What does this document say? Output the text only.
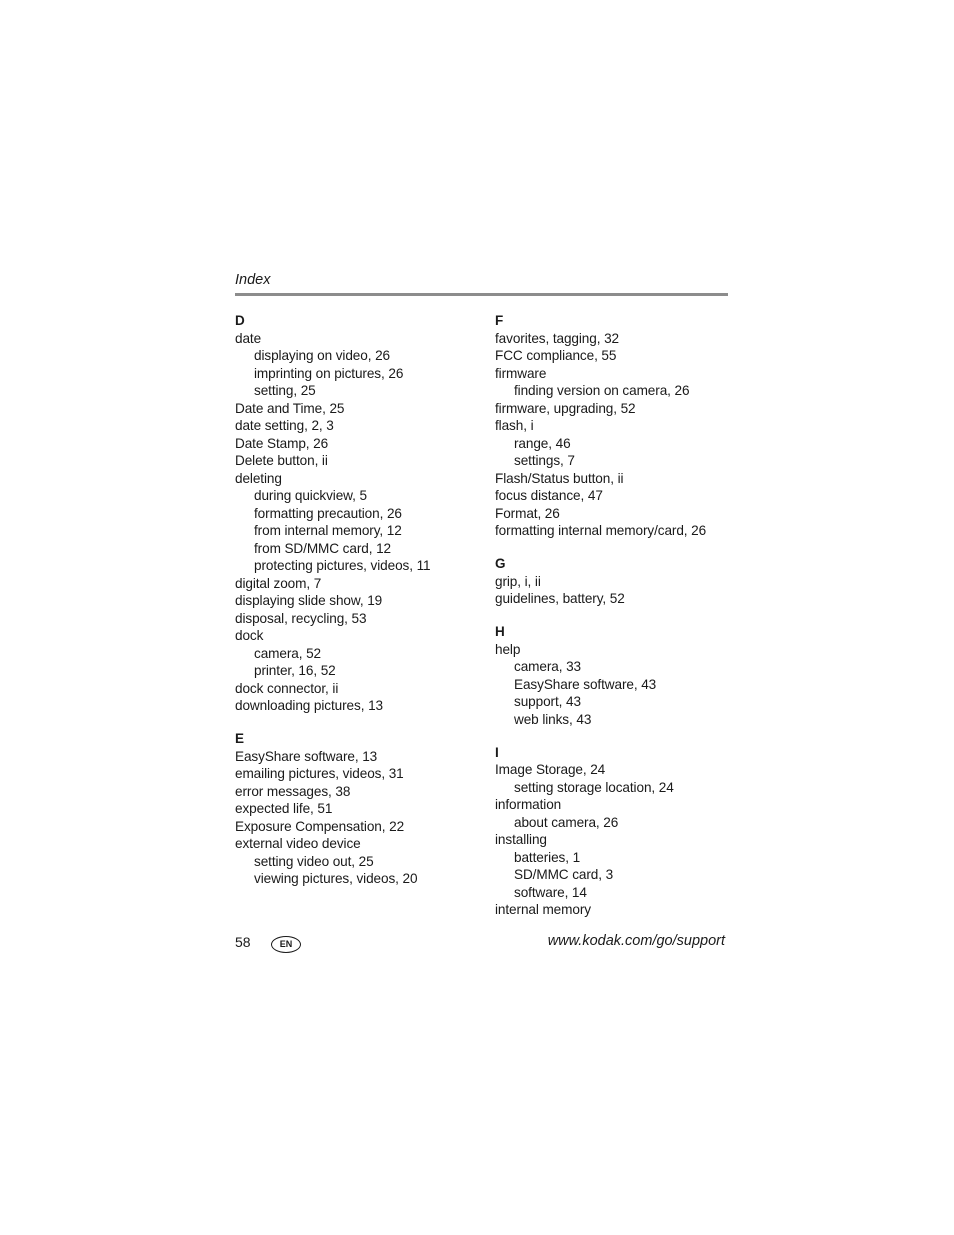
Index
D
date
displaying on video, 26
imprinting on pictures, 26
setting, 25
Date and Time, 25
date setting, 2, 3
Date Stamp, 26
Delete button, ii
deleting
during quickview, 5
formatting precaution, 26
from internal memory, 12
from SD/MMC card, 12
protecting pictures, videos, 11
digital zoom, 7
displaying slide show, 19
disposal, recycling, 53
dock
camera, 52
printer, 16, 52
dock connector, ii
downloading pictures, 13
E
EasyShare software, 13
emailing pictures, videos, 31
error messages, 38
expected life, 51
Exposure Compensation, 22
external video device
setting video out, 25
viewing pictures, videos, 20
F
favorites, tagging, 32
FCC compliance, 55
firmware
finding version on camera, 26
firmware, upgrading, 52
flash, i
range, 46
settings, 7
Flash/Status button, ii
focus distance, 47
Format, 26
formatting internal memory/card, 26
G
grip, i, ii
guidelines, battery, 52
H
help
camera, 33
EasyShare software, 43
support, 43
web links, 43
I
Image Storage, 24
setting storage location, 24
information
about camera, 26
installing
batteries, 1
SD/MMC card, 3
software, 14
internal memory
58	EN	www.kodak.com/go/support
